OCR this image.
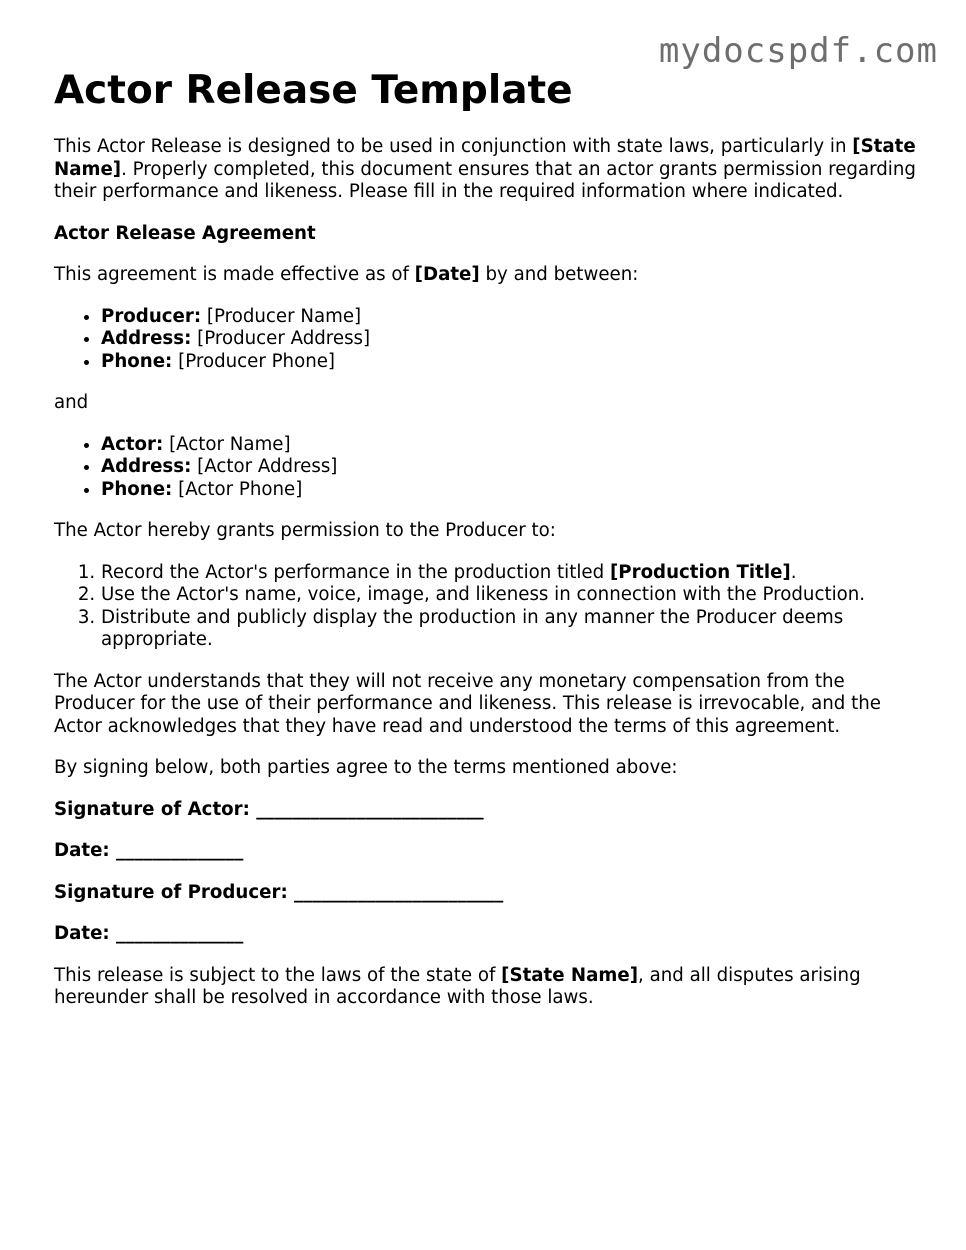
mydocspdf.com
Actor Release Template

This Actor Release is designed to be used in conjunction with state laws, particularly in [State Name]. Properly completed, this document ensures that an actor grants permission regarding their performance and likeness. Please fill in the required information where indicated.

Actor Release Agreement

This agreement is made effective as of [Date] by and between:

• Producer: [Producer Name]
• Address: [Producer Address]
• Phone: [Producer Phone]

and

• Actor: [Actor Name]
• Address: [Actor Address]
• Phone: [Actor Phone]

The Actor hereby grants permission to the Producer to:

1. Record the Actor's performance in the production titled [Production Title].
2. Use the Actor's name, voice, image, and likeness in connection with the Production.
3. Distribute and publicly display the production in any manner the Producer deems appropriate.

The Actor understands that they will not receive any monetary compensation from the Producer for the use of their performance and likeness. This release is irrevocable, and the Actor acknowledges that they have read and understood the terms of this agreement.

By signing below, both parties agree to the terms mentioned above:

Signature of Actor: _________________________

Date: ______________

Signature of Producer: _______________________

Date: ______________

This release is subject to the laws of the state of [State Name], and all disputes arising hereunder shall be resolved in accordance with those laws.
